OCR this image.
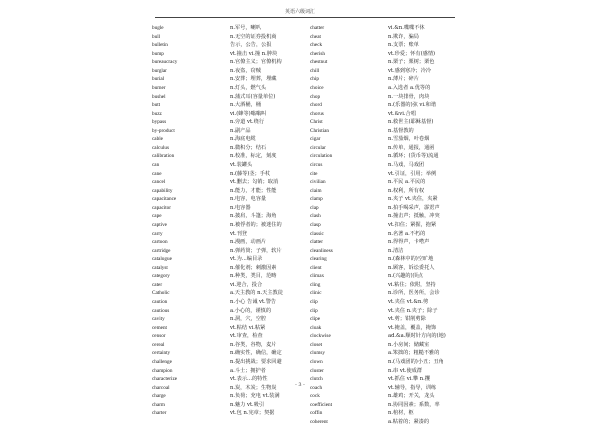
英语六级词汇
bugle	n.军号，喇叭
bull	n.无空的证券投机商
bulletin	告示，公告，公报
bump	vt.撞击 vi.撞 n.肿块
bureaucracy	n.官僚主义；官僚机构
burglar	n.夜盗，窃贼
burial	n.安葬；埋葬，埋藏
burner	n.灯头，燃气头
bushel	n.蒲式耳(容量单位)
butt	n.大酒桶，桶
buzz	vi.(蜂等)嗡嗡叫
bypass	n.旁道 vt.绕行
by-product	n.副产品
cable	n.海底电缆
calculus	n.微积分；结石
calibration	n.校准，标定，刻度
can	vt.装罐头
cane	n.(藤等)茎；手杖
cancel	vt.删去；勾销；取消
capability	n.能力，才能；性能
capacitance	n.电容，电容量
capacitor	n.电容器
cape	n.披肩，斗篷；海角
captive	n.被俘者的；被迷住的
carry	vt.刊登
cartoon	n.漫画，动画片
cartridge	n.弹药筒；子弹，软片
catalogue	vt.为...编目录
catalyst	n.催化剂；刺激因素
category	n.种类，类目，范畴
cater	vi.迎合，投合
Catholic	a.天主教的 n.天主教徒
caution	n.小心 告诫 vt.警告
cautious	a.小心的，谨慎的
cavity	n.洞，穴，空腔
cement	vt.粘结 vi.粘紧
censor	vt.审查，检查
cereal	n.谷类，谷物，麦片
certainty	n.确实性，确信，确定
challenge	n.提出挑战；要求回避
champion	a.斗士；拥护者
characterize	vt.表示...的特性
charcoal	n.炭，木炭；生物炭
charge	n.负荷；充电 vt.装满
charm	n.魅力 vt.吸引
charter	vt.包 n.宪章；契据
chatter	vi.&n.喋喋不休
cheat	n.欺诈，骗局
check	n.支票；账单
cherish	vt.珍爱；怀有(感情)
chestnut	n.栗子；栗树；栗色
chill	vt.感到寒冷；冷冷
chip	n.薄片；碎片
choice	a.入选者 a.优等的
chop	n.一块排骨，肉块
chord	n.(乐器的)弦 vi.和谐
chorus	vt.&vi.合唱
Christ	n.救世主(耶稣基督)
Christian	n.基督教的
cigar	n.雪茄烟，叶卷烟
circular	n.传单，通报，通函
circulation	n.循环；(货币等)流通
circus	n.马戏，马戏团
cite	vt.引证，引用；举例
civilian	n.平民 a.平民的
claim	n.权利，所有权
clamp	n.夹子 vt.夹住，夹紧
clap	n.拍手喝采声，霹雳声
clash	n.撞击声；抵触，冲突
clasp	vt.扣住；紧握，抱紧
classic	n.名著 a.不朽的
clatter	n.得得声，卡嗒声
cleanliness	n.清洁
clearing	n.(森林中的)空旷地
client	n.顾客，诉讼委托人
climax	n.(兴趣的)顶点
cling	vi.粘住；依附，坚持
clinic	n.诊所，医务所，会诊
clip	vt.夹住 vt.&n.剪
clip	vt.夹住 n.夹子；除子
clipe	vt.剪；钳削剪除
cloak	vt.掩盖，覆盖，掩饰
clockwise	ad.&a.顺时针方向的(地)
closet	n.小房间；储藏室
clumsy	a.笨拙的；粗糙不雅的
clown	n.(马戏团的)小丑；丑角
cluster	n.串 vt.使成群
clutch	vt.抓住 vi.攀 n.攫
coach	vt.辅导，指导，训练
cock	n.雄鸡；开关，龙头
coefficient	n.协同因素；系数，率
coffin	n.棺材，柩
coherent	a.粘着的；紧凑的
- 3 -
